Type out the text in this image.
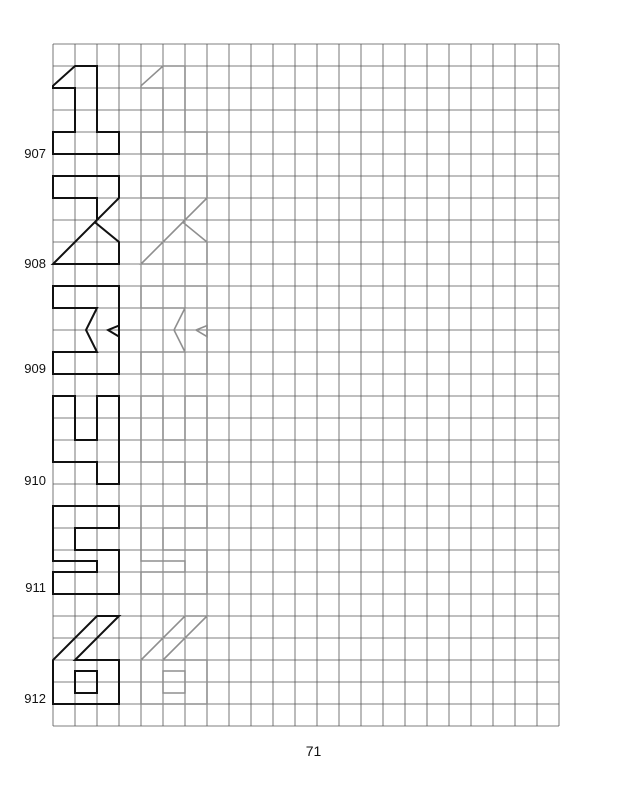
907
908
909
910
911
912
71
